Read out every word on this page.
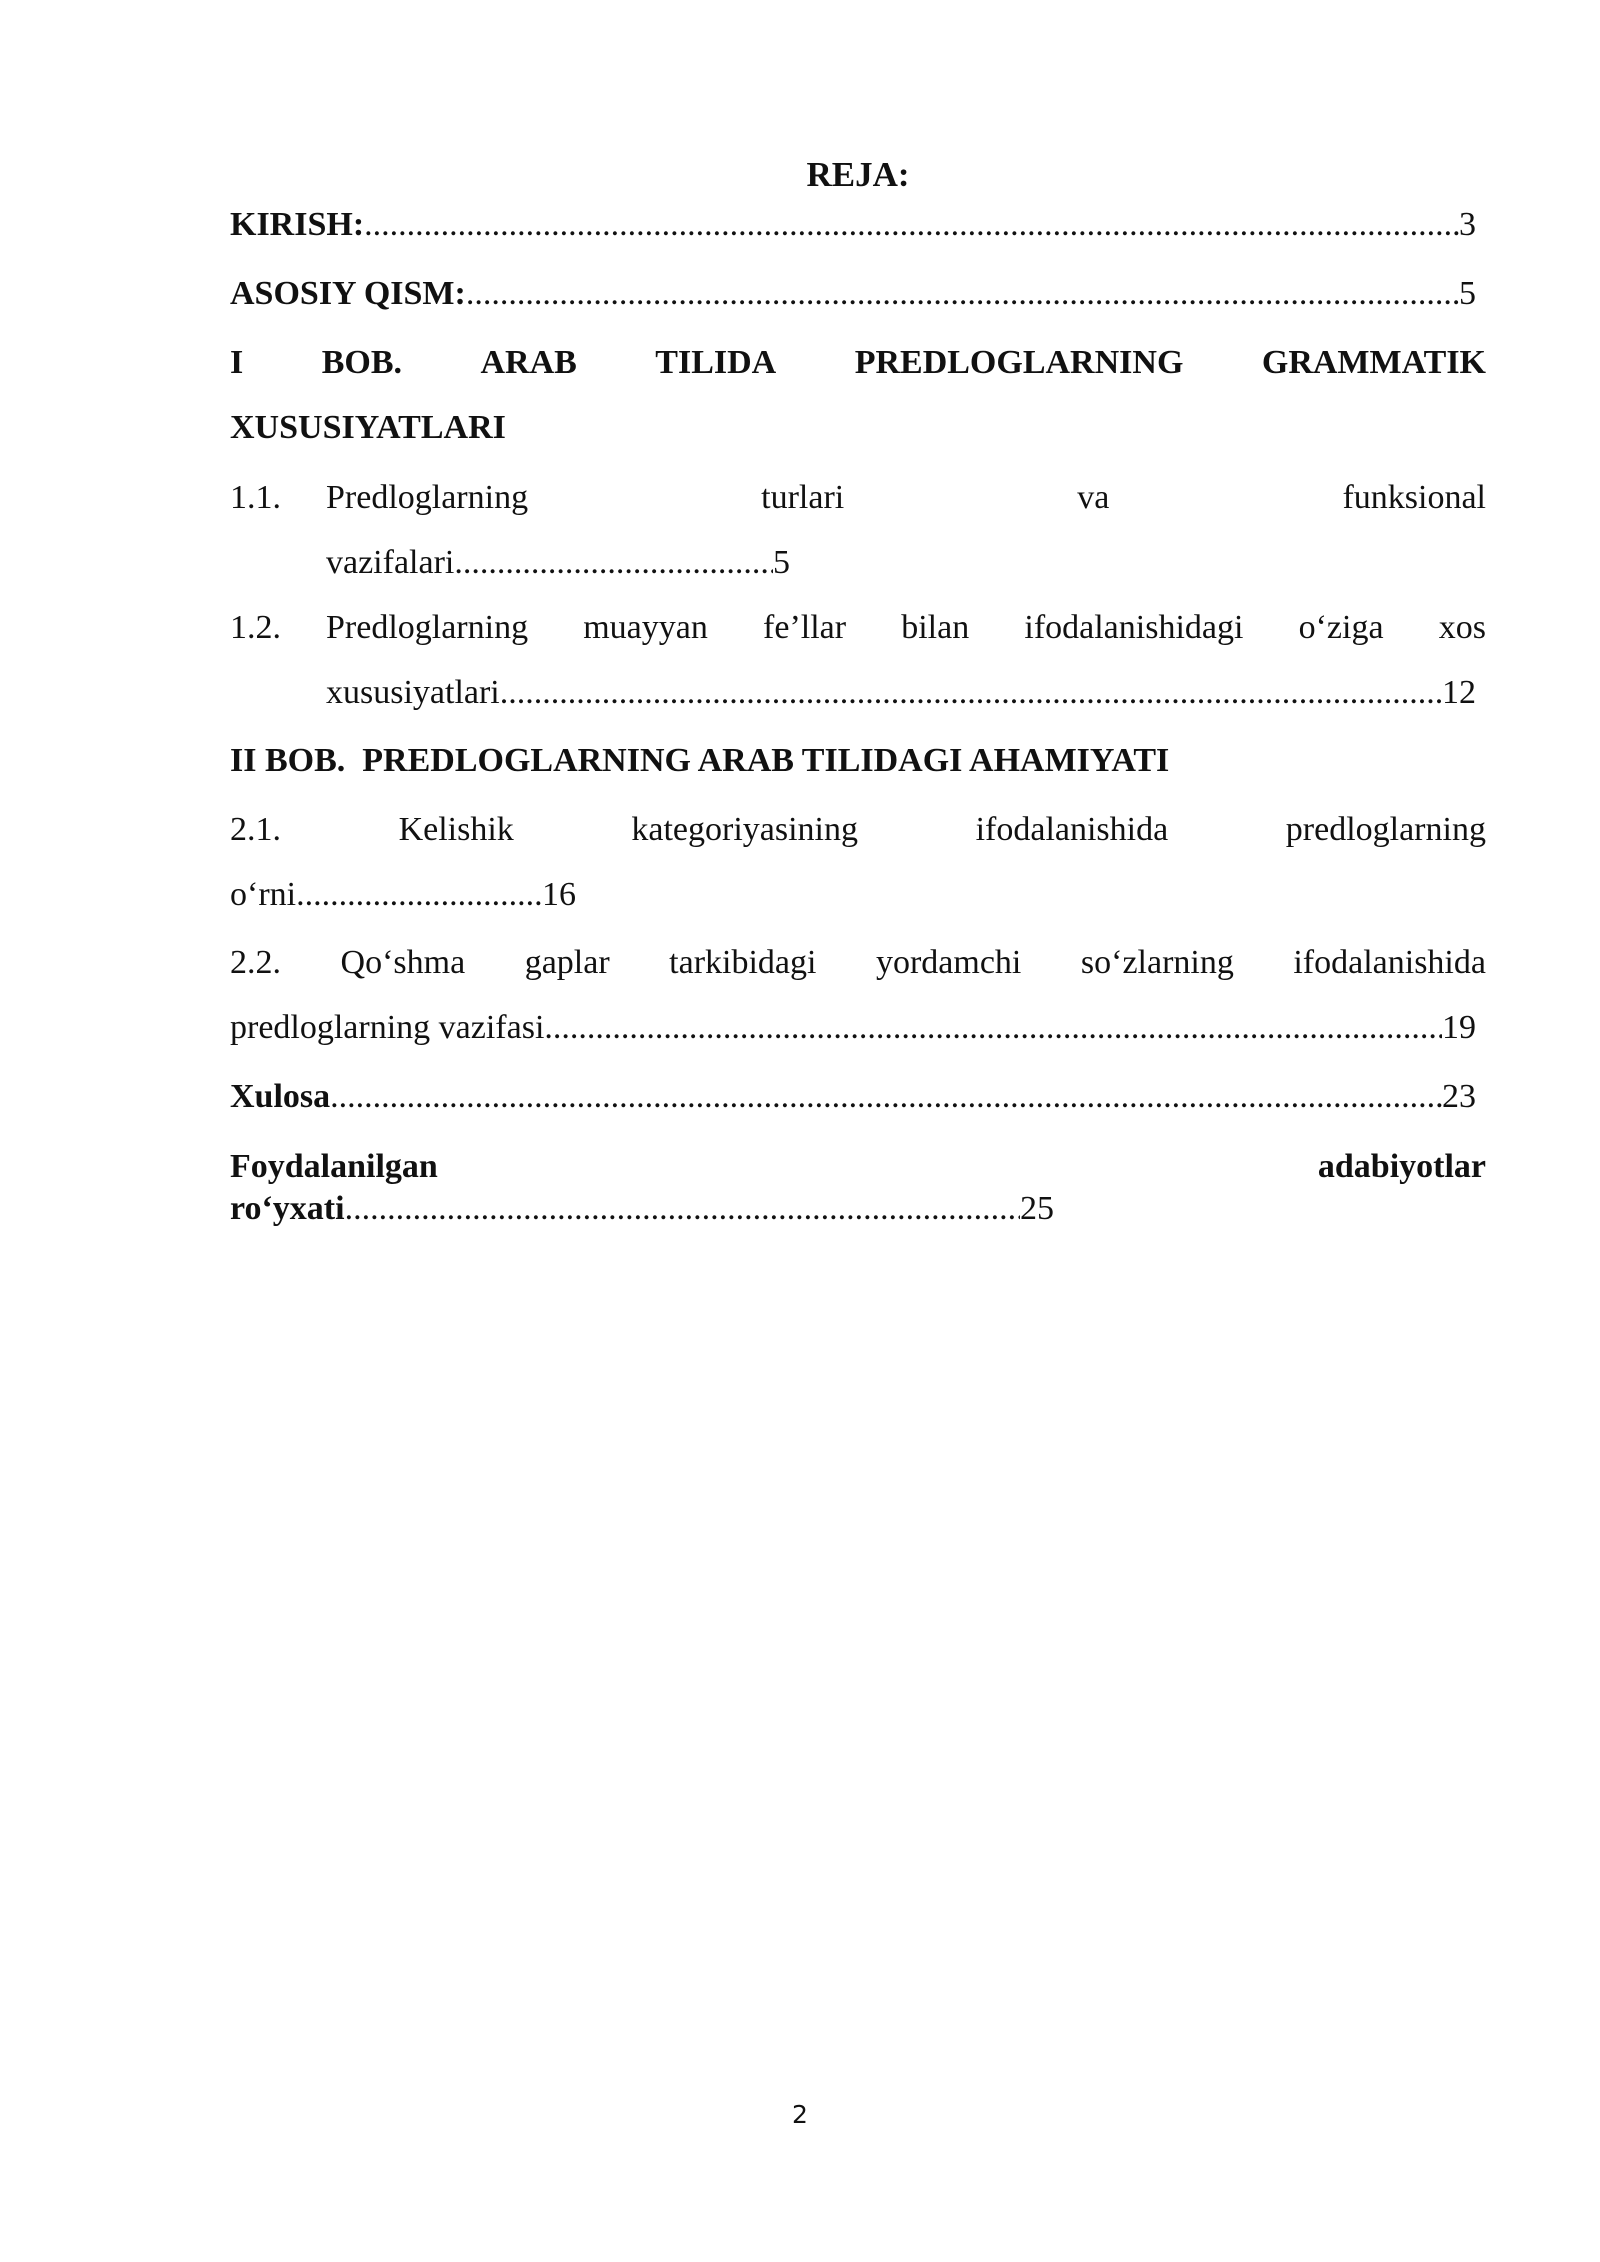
REJA:
KIRISH: .....	3
ASOSIY QISM: .....	5
I BOB. ARAB TILIDA PREDLOGLARNING GRAMMATIK
XUSUSIYATLARI
1.1.	Predloglarning	turlari	va	funksional
vazifalari .....	5
1.2.	Predloglarning muayyan fe’llar bilan ifodalanishidagi o‘ziga xos
xususiyatlari .....	12
II BOB.  PREDLOGLARNING ARAB TILIDAGI AHAMIYATI
2.1.	Kelishik	kategoriyasining	ifodalanishida	predloglarning
o‘rni .....	16
2.2. Qo‘shma gaplar tarkibidagi yordamchi so‘zlarning ifodalanishida
predloglarning vazifasi .....	19
Xulosa .....	23
Foydalanilgan	adabiyotlar
ro‘yxati .....	25
2
